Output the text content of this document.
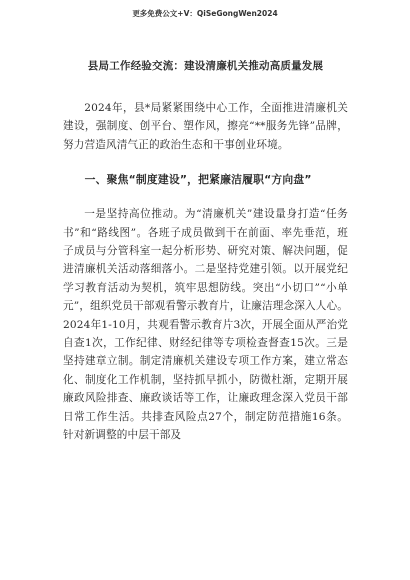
更多免费公文+V：QiSeGongWen2024

县局工作经验交流：建设清廉机关推动高质量发展

2024年，县*局紧紧围绕中心工作，全面推进清廉机关建设，强制度、创平台、塑作风，擦亮“**服务先锋”品牌，努力营造风清气正的政治生态和干事创业环境。

一、聚焦“制度建设”，把紧廉洁履职“方向盘”

一是坚持高位推动。为“清廉机关”建设量身打造“任务书”和“路线图”。各班子成员做到干在前面、率先垂范，班子成员与分管科室一起分析形势、研究对策、解决问题，促进清廉机关活动落细落小。二是坚持党建引领。以开展党纪学习教育活动为契机，筑牢思想防线。突出“小切口”“小单元”，组织党员干部观看警示教育片，让廉洁理念深入人心。2024年1-10月，共观看警示教育片3次，开展全面从严治党自查1次，工作纪律、财经纪律等专项检查督查15次。三是坚持建章立制。制定清廉机关建设专项工作方案，建立常态化、制度化工作机制，坚持抓早抓小，防微杜渐，定期开展廉政风险排查、廉政谈话等工作，让廉政理念深入党员干部日常工作生活。共排查风险点27个，制定防范措施16条。针对新调整的中层干部及
